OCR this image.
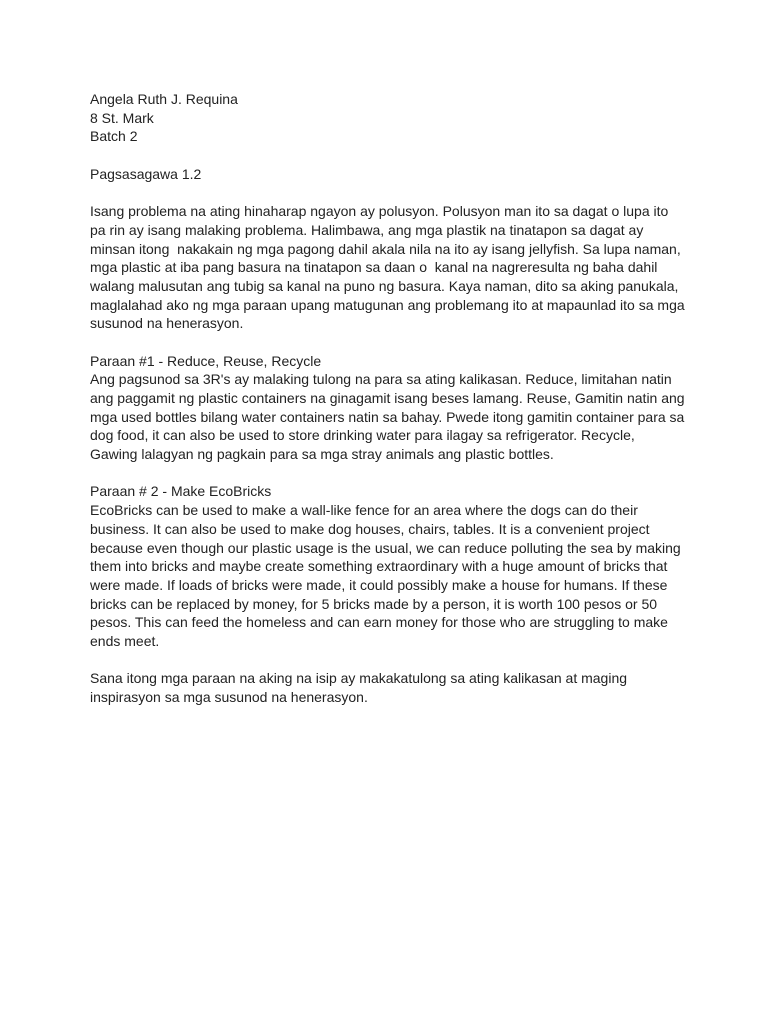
Angela Ruth J. Requina
8 St. Mark
Batch 2
Pagsasagawa 1.2
Isang problema na ating hinaharap ngayon ay polusyon. Polusyon man ito sa dagat o lupa ito
pa rin ay isang malaking problema. Halimbawa, ang mga plastik na tinatapon sa dagat ay
minsan itong  nakakain ng mga pagong dahil akala nila na ito ay isang jellyfish. Sa lupa naman,
mga plastic at iba pang basura na tinatapon sa daan o  kanal na nagreresulta ng baha dahil
walang malusutan ang tubig sa kanal na puno ng basura. Kaya naman, dito sa aking panukala,
maglalahad ako ng mga paraan upang matugunan ang problemang ito at mapaunlad ito sa mga
susunod na henerasyon.
Paraan #1 - Reduce, Reuse, Recycle
Ang pagsunod sa 3R's ay malaking tulong na para sa ating kalikasan. Reduce, limitahan natin
ang paggamit ng plastic containers na ginagamit isang beses lamang. Reuse, Gamitin natin ang
mga used bottles bilang water containers natin sa bahay. Pwede itong gamitin container para sa
dog food, it can also be used to store drinking water para ilagay sa refrigerator. Recycle,
Gawing lalagyan ng pagkain para sa mga stray animals ang plastic bottles.
Paraan # 2 - Make EcoBricks
EcoBricks can be used to make a wall-like fence for an area where the dogs can do their
business. It can also be used to make dog houses, chairs, tables. It is a convenient project
because even though our plastic usage is the usual, we can reduce polluting the sea by making
them into bricks and maybe create something extraordinary with a huge amount of bricks that
were made. If loads of bricks were made, it could possibly make a house for humans. If these
bricks can be replaced by money, for 5 bricks made by a person, it is worth 100 pesos or 50
pesos. This can feed the homeless and can earn money for those who are struggling to make
ends meet.
Sana itong mga paraan na aking na isip ay makakatulong sa ating kalikasan at maging
inspirasyon sa mga susunod na henerasyon.
